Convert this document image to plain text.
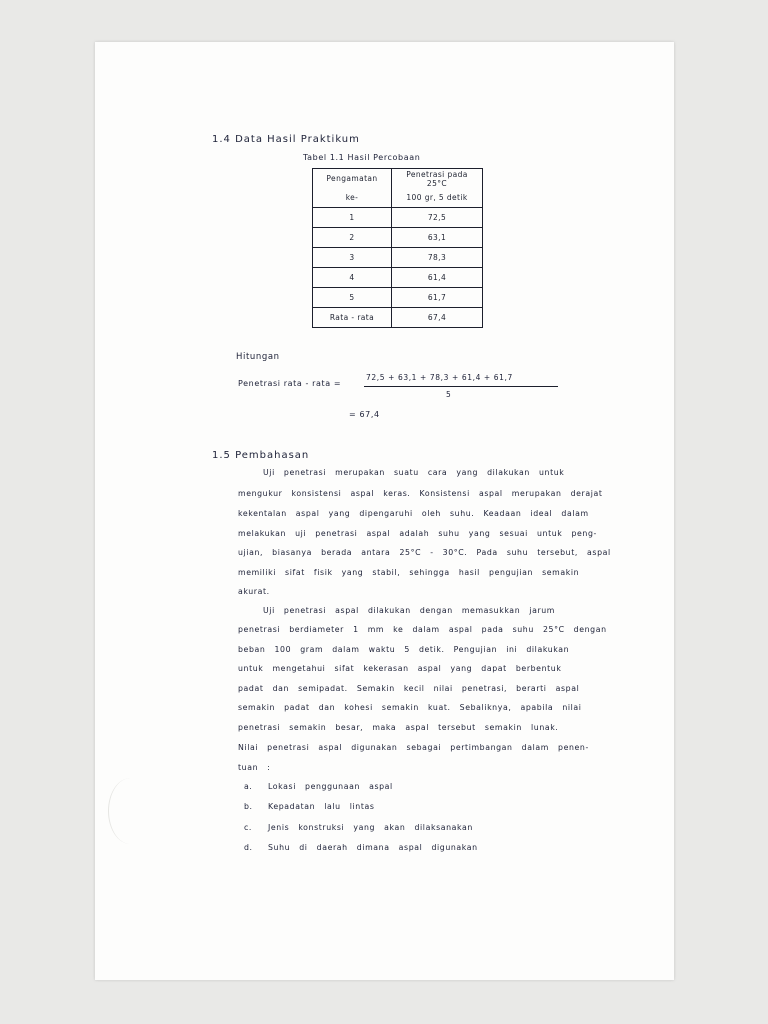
1.4 Data Hasil Praktikum
Tabel 1.1 Hasil Percobaan
Pengamatan	Penetrasi pada 25°C
ke-	100 gr, 5 detik
1	72,5
2	63,1
3	78,3
4	61,4
5	61,7
Rata - rata	67,4
Hitungan
Penetrasi rata - rata =
72,5 + 63,1 + 78,3 + 61,4 + 61,7
5
= 67,4
1.5 Pembahasan
Uji penetrasi merupakan suatu cara yang dilakukan untuk
mengukur konsistensi aspal keras. Konsistensi aspal merupakan derajat
kekentalan aspal yang dipengaruhi oleh suhu. Keadaan ideal dalam
melakukan uji penetrasi aspal adalah suhu yang sesuai untuk peng-
ujian, biasanya berada antara 25°C - 30°C. Pada suhu tersebut, aspal
memiliki sifat fisik yang stabil, sehingga hasil pengujian semakin
akurat.
Uji penetrasi aspal dilakukan dengan memasukkan jarum
penetrasi berdiameter 1 mm ke dalam aspal pada suhu 25°C dengan
beban 100 gram dalam waktu 5 detik. Pengujian ini dilakukan
untuk mengetahui sifat kekerasan aspal yang dapat berbentuk
padat dan semipadat. Semakin kecil nilai penetrasi, berarti aspal
semakin padat dan kohesi semakin kuat. Sebaliknya, apabila nilai
penetrasi semakin besar, maka aspal tersebut semakin lunak.
Nilai penetrasi aspal digunakan sebagai pertimbangan dalam penen-
tuan :
a. Lokasi penggunaan aspal
b. Kepadatan lalu lintas
c. Jenis konstruksi yang akan dilaksanakan
d. Suhu di daerah dimana aspal digunakan
